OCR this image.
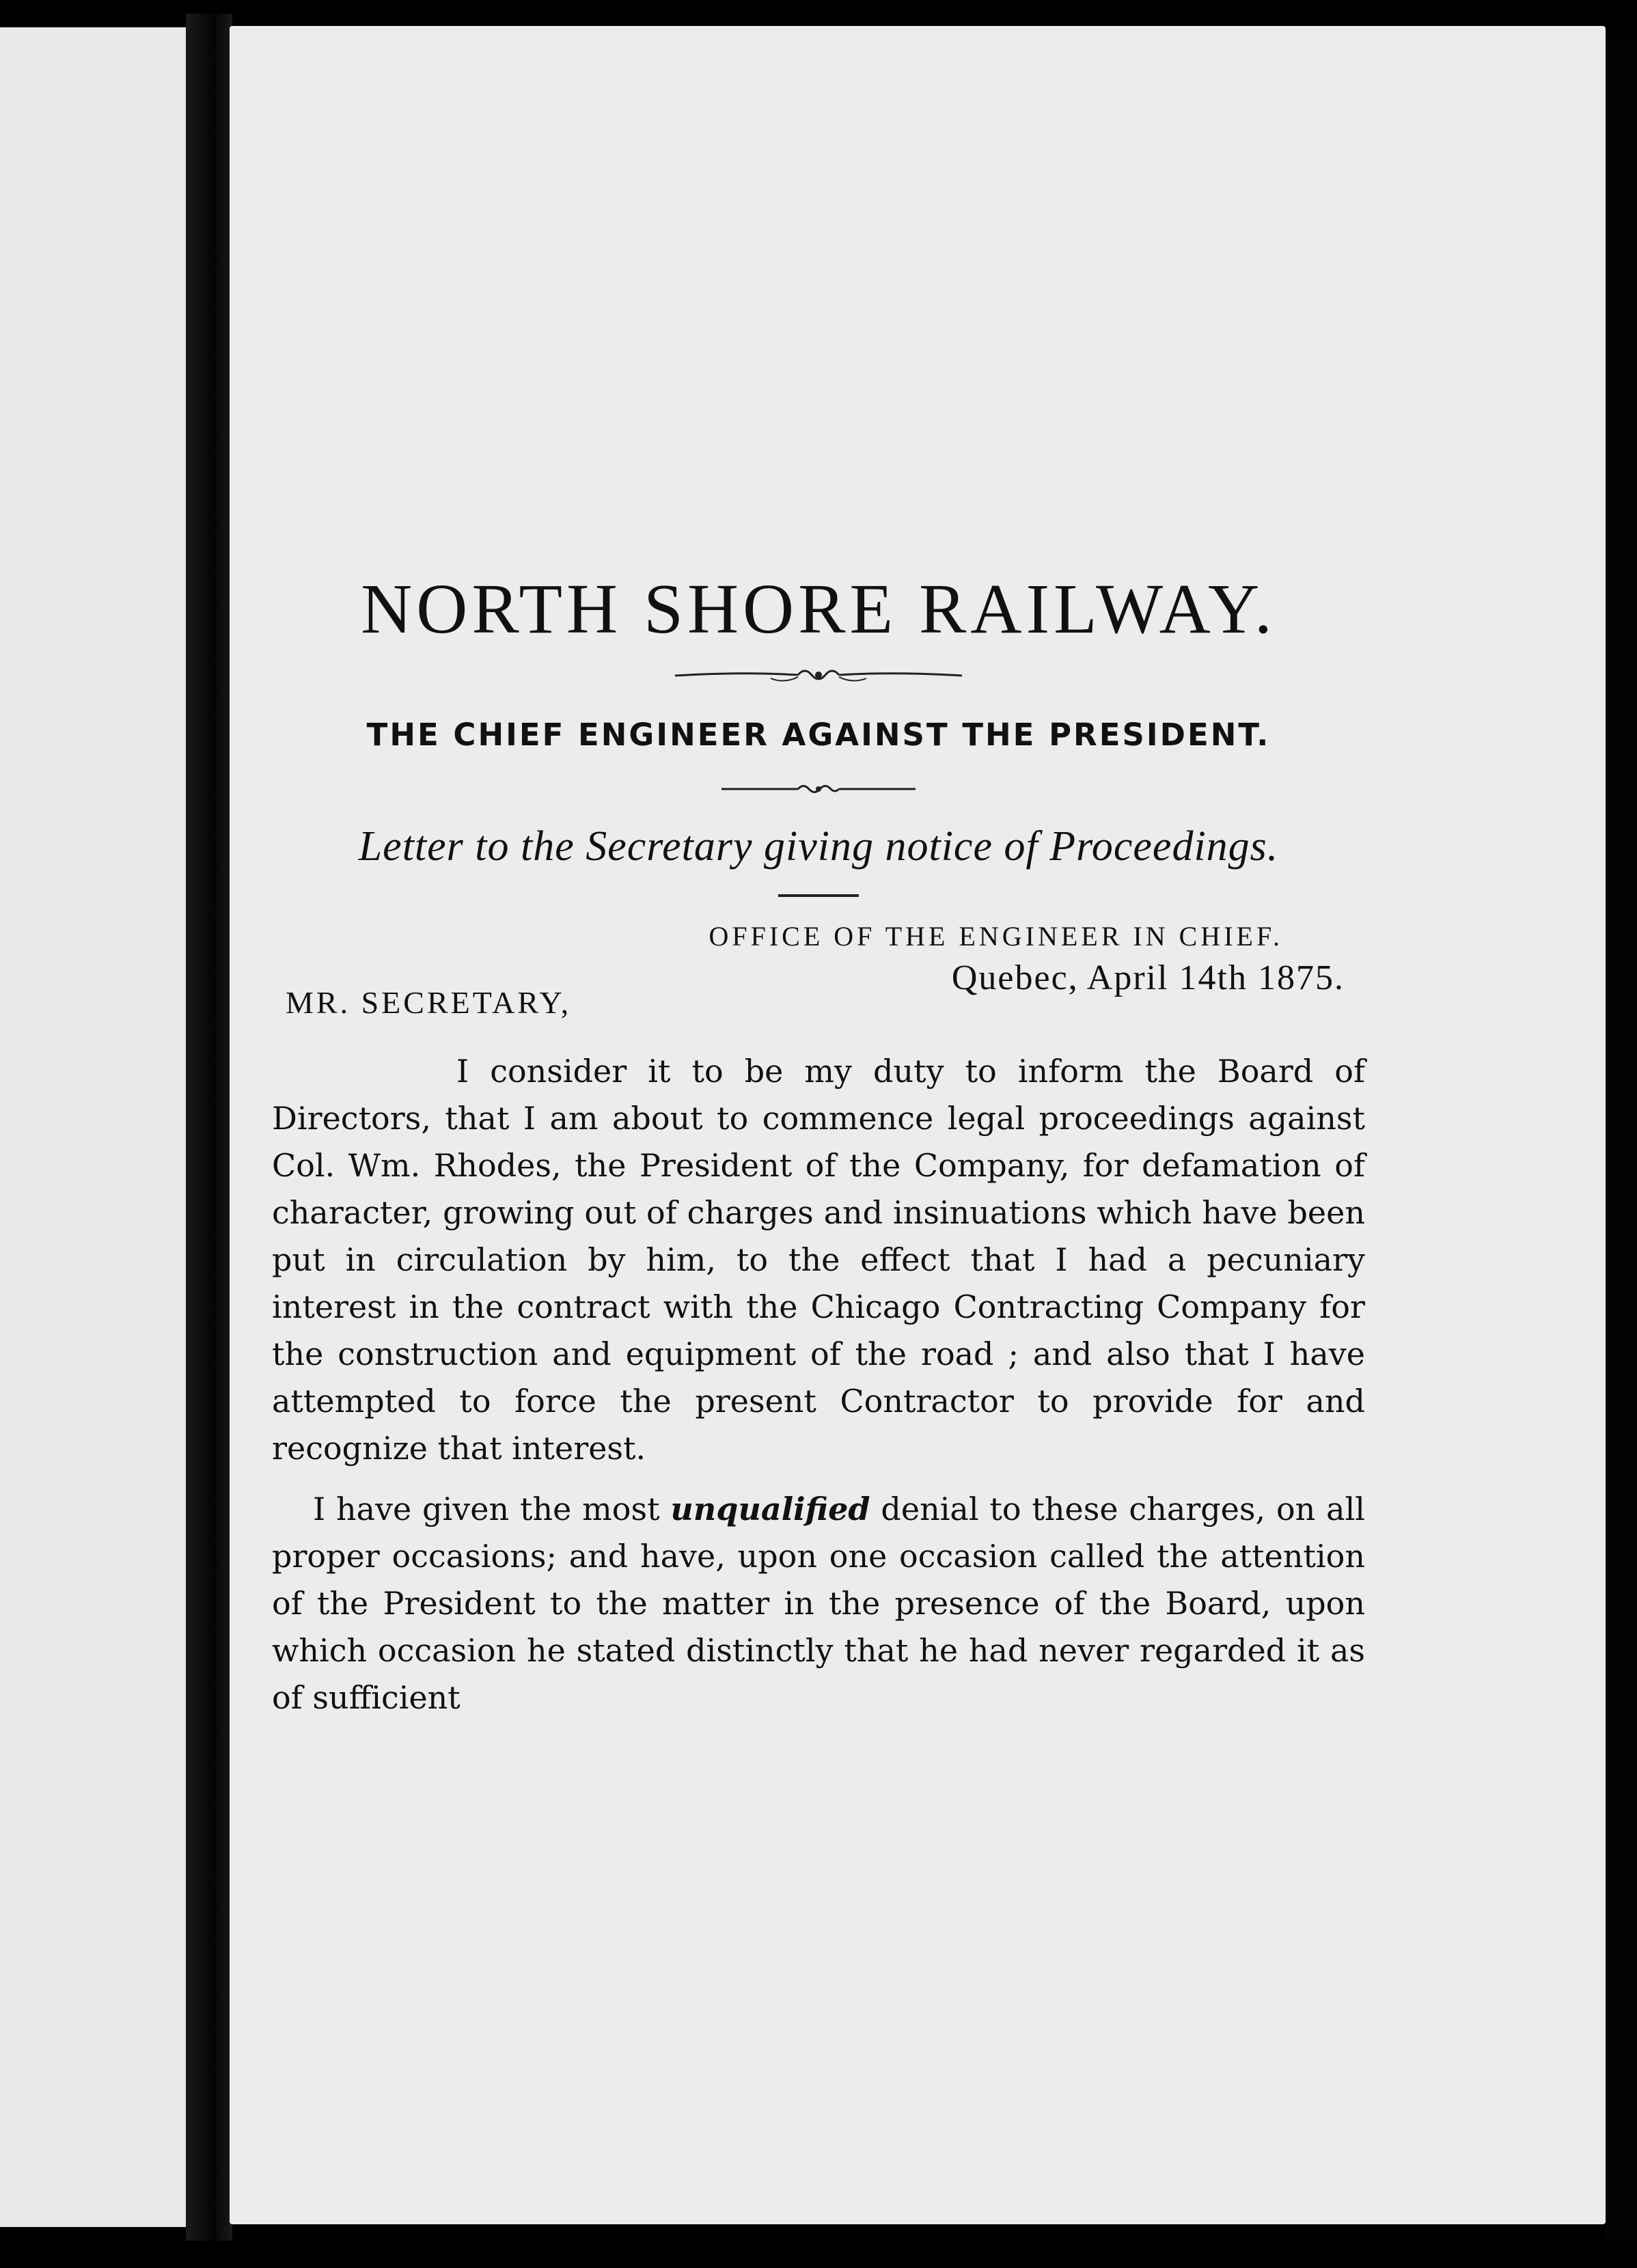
NORTH SHORE RAILWAY.
THE CHIEF ENGINEER AGAINST THE PRESIDENT.
Letter to the Secretary giving notice of Proceedings.
OFFICE OF THE ENGINEER IN CHIEF.
Quebec, April 14th 1875.
MR. SECRETARY,

I consider it to be my duty to inform the Board of Directors, that I am about to commence legal proceedings against Col. Wm. Rhodes, the President of the Company, for defamation of character, growing out of charges and insinuations which have been put in circulation by him, to the effect that I had a pecuniary interest in the contract with the Chicago Contracting Company for the construction and equipment of the road ; and also that I have attempted to force the present Contractor to provide for and recognize that interest.

I have given the most unqualified denial to these charges, on all proper occasions; and have, upon one occasion called the attention of the President to the matter in the presence of the Board, upon which occasion he stated distinctly that he had never regarded it as of sufficient
